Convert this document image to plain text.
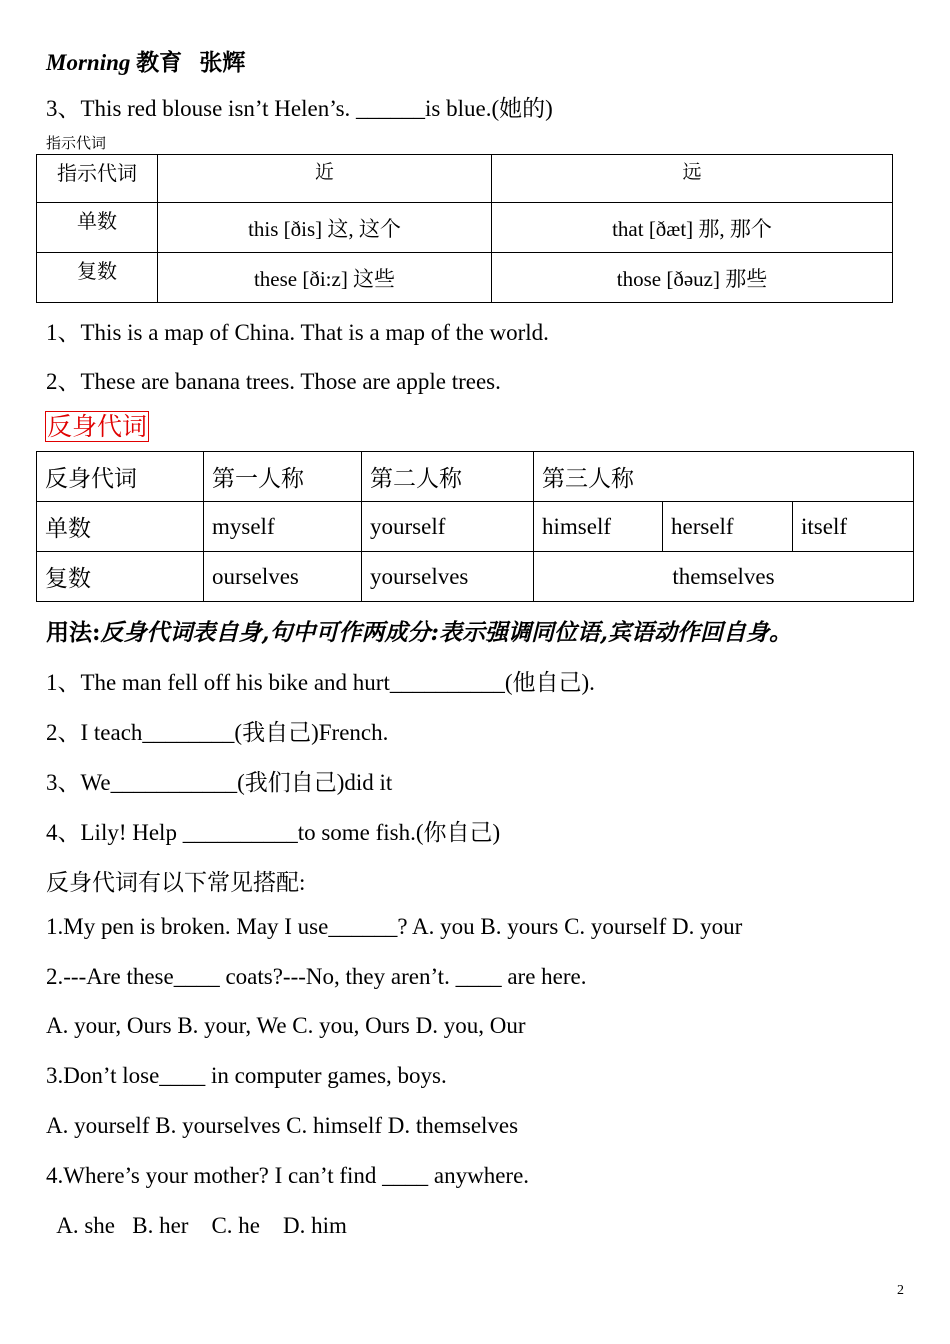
Morning 教育 张辉
3、This red blouse isn’t Helen’s. ______is blue.(她的)
指示代词
指示代词	近	远
单数	this [ðis] 这, 这个	that [ðæt] 那, 那个
复数	these [ði:z] 这些	those [ðəuz] 那些
1、This is a map of China. That is a map of the world.
2、These are banana trees. Those are apple trees.
反身代词
反身代词	第一人称	第二人称	第三人称		
单数	myself	yourself	himself	herself	itself
复数	ourselves	yourselves	themselves		
用法:反身代词表自身,句中可作两成分:表示强调同位语,宾语动作回自身。
1、The man fell off his bike and hurt__________(他自己).
2、I teach________(我自己)French.
3、We___________(我们自己)did it
4、Lily! Help __________to some fish.(你自己)
反身代词有以下常见搭配:
1.My pen is broken. May I use______? A. you B. yours C. yourself D. your
2.---Are these____ coats?---No, they aren’t. ____ are here.
A. your, Ours B. your, We C. you, Ours D. you, Our
3.Don’t lose____ in computer games, boys.
A. yourself B. yourselves C. himself D. themselves
4.Where’s your mother? I can’t find ____ anywhere.
A. she   B. her    C. he    D. him
2
